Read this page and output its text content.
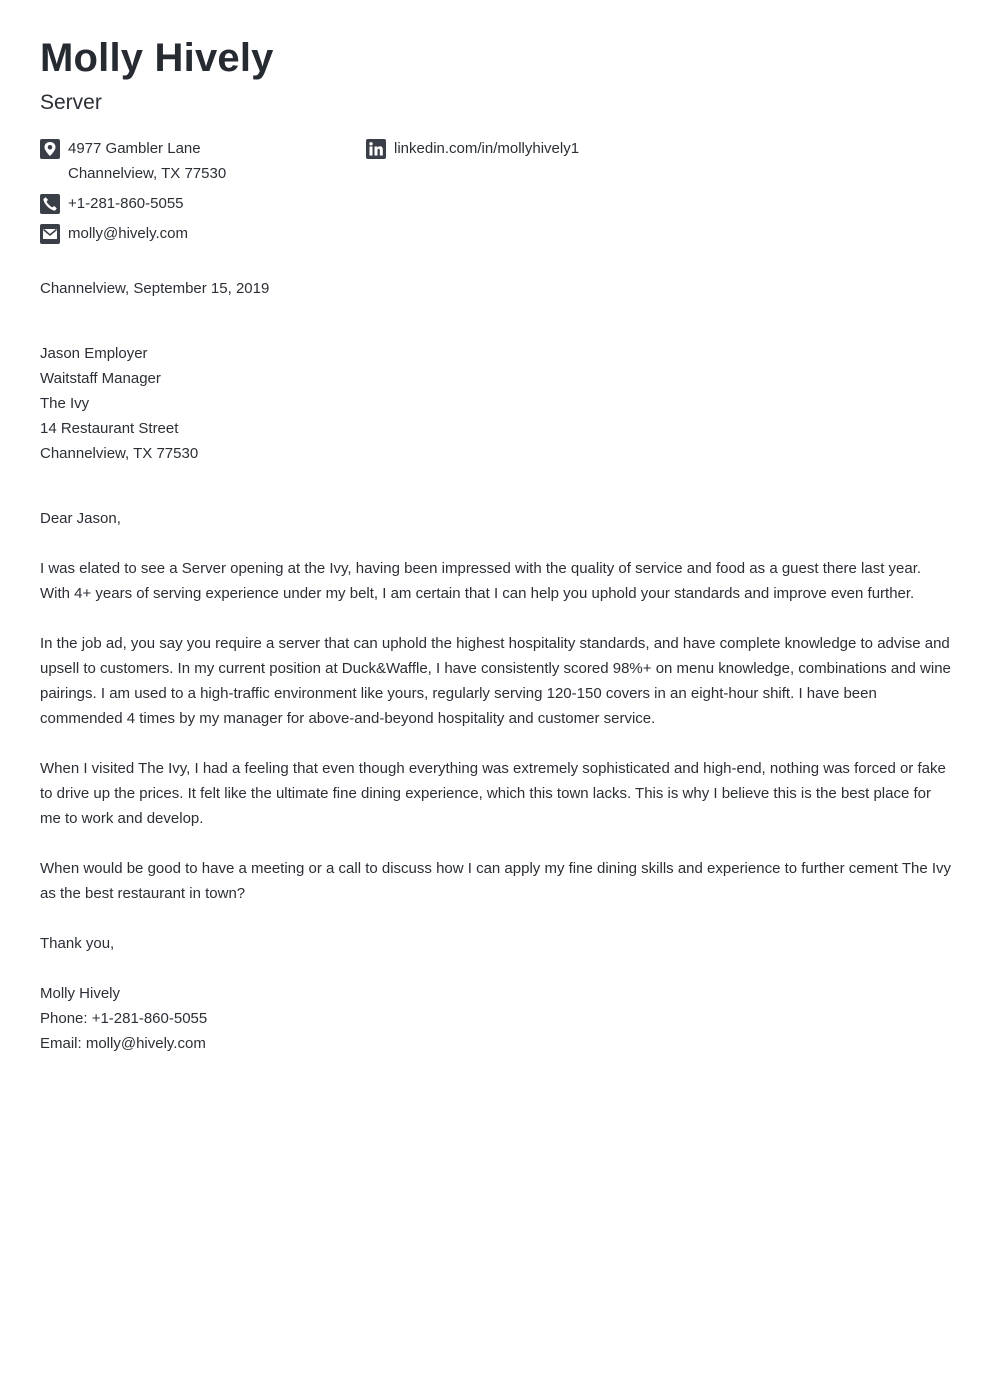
Molly Hively
Server
4977 Gambler Lane
Channelview, TX 77530
linkedin.com/in/mollyhively1
+1-281-860-5055
molly@hively.com

Channelview, September 15, 2019

Jason Employer
Waitstaff Manager
The Ivy
14 Restaurant Street
Channelview, TX 77530

Dear Jason,

I was elated to see a Server opening at the Ivy, having been impressed with the quality of service and food as a guest there last year. With 4+ years of serving experience under my belt, I am certain that I can help you uphold your standards and improve even further.

In the job ad, you say you require a server that can uphold the highest hospitality standards, and have complete knowledge to advise and upsell to customers. In my current position at Duck&Waffle, I have consistently scored 98%+ on menu knowledge, combinations and wine pairings. I am used to a high-traffic environment like yours, regularly serving 120-150 covers in an eight-hour shift. I have been commended 4 times by my manager for above-and-beyond hospitality and customer service.

When I visited The Ivy, I had a feeling that even though everything was extremely sophisticated and high-end, nothing was forced or fake to drive up the prices. It felt like the ultimate fine dining experience, which this town lacks. This is why I believe this is the best place for me to work and develop.

When would be good to have a meeting or a call to discuss how I can apply my fine dining skills and experience to further cement The Ivy as the best restaurant in town?

Thank you,

Molly Hively
Phone: +1-281-860-5055
Email: molly@hively.com
